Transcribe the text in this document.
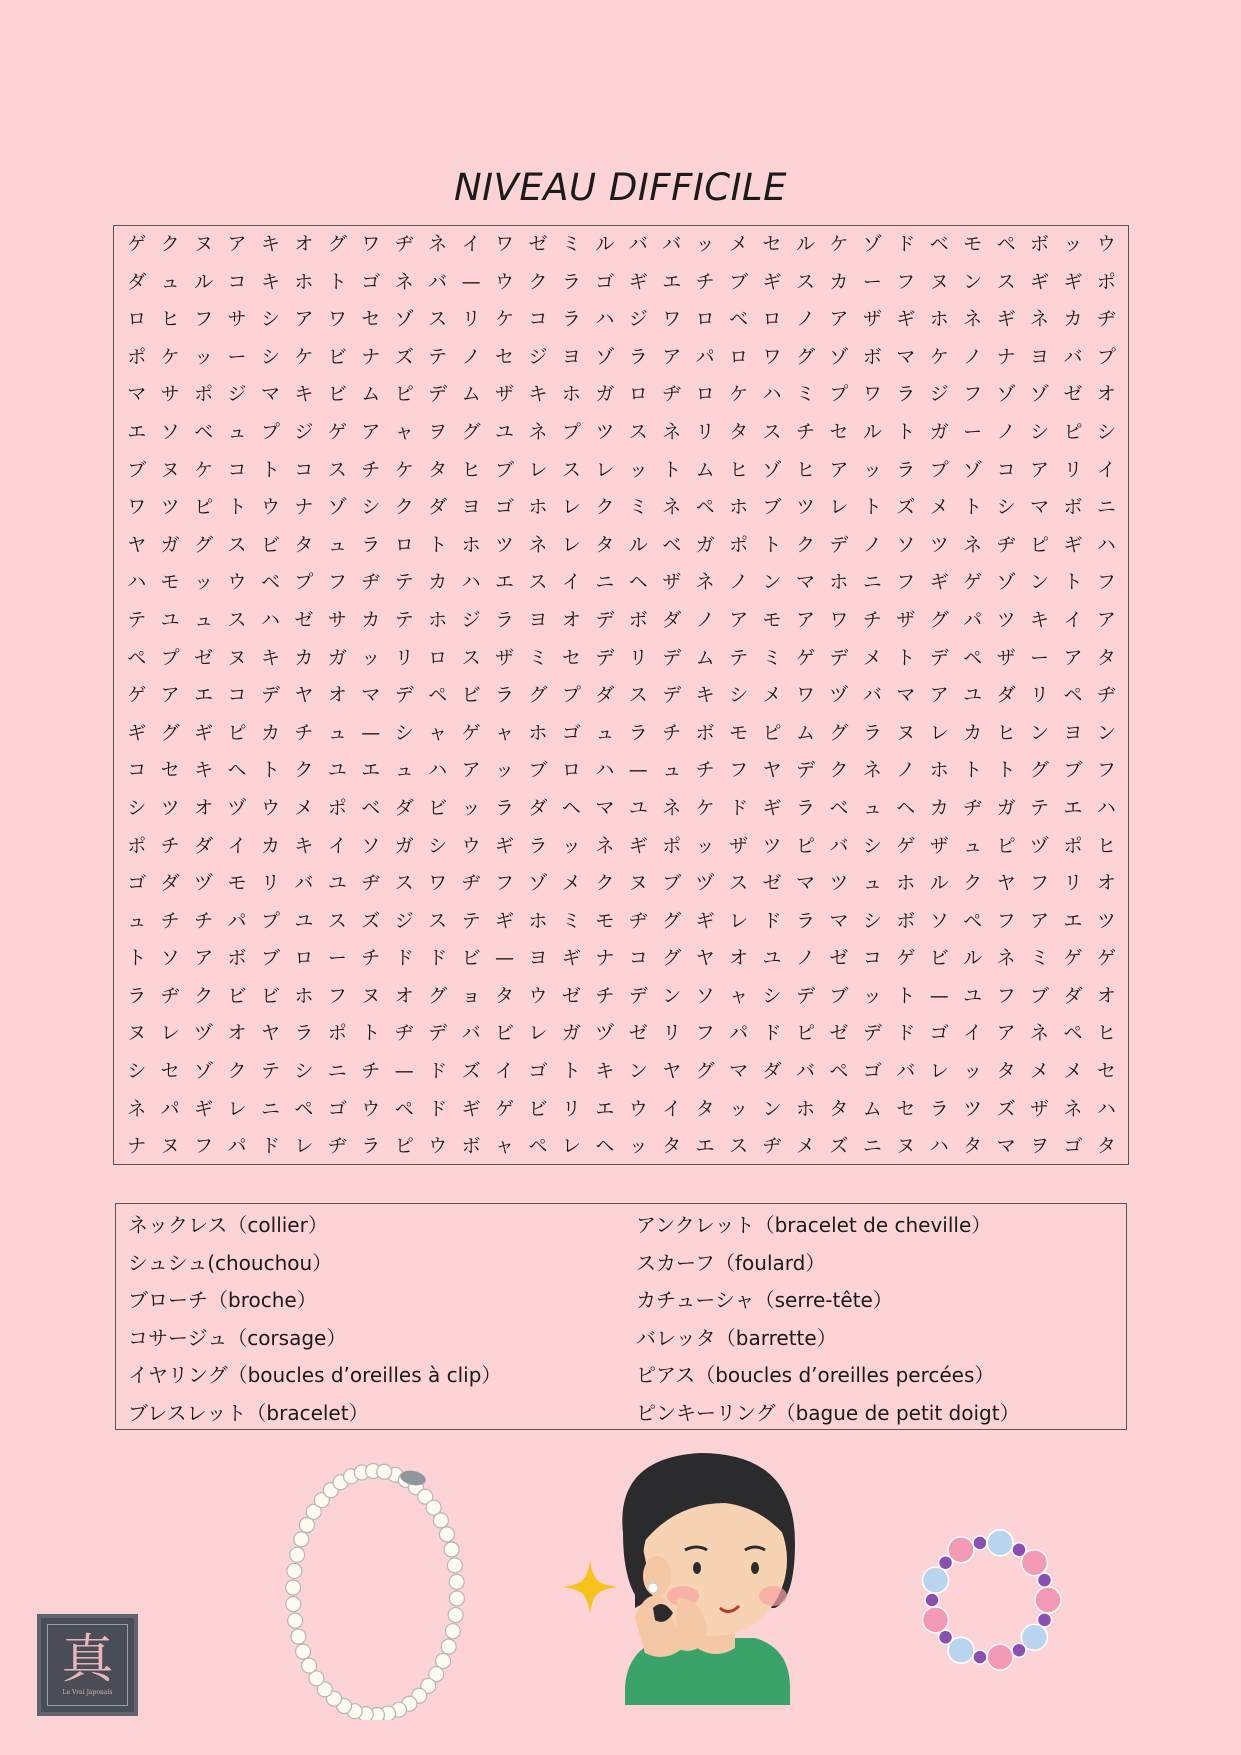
NIVEAU DIFFICILE
ゲ ク ヌ ア キ オ グ ワ ヂ ネ イ ワ ゼ ミ ル バ バ ッ メ セ ル ケ ゾ ド ベ モ ペ ボ ッ ウ
ダ ュ ル コ キ ホ ト ゴ ネ バ — ウ ク ラ ゴ ギ エ チ ブ ギ ス カ ー フ ヌ ン ス ギ ギ ポ
ロ ヒ フ サ シ ア ワ セ ゾ ス リ ケ コ ラ ハ ジ ワ ロ ベ ロ ノ ア ザ ギ ホ ネ ギ ネ カ ヂ
ポ ケ ッ ー シ ケ ビ ナ ズ テ ノ セ ジ ヨ ゾ ラ ア パ ロ ワ グ ゾ ボ マ ケ ノ ナ ヨ バ プ
マ サ ポ ジ マ キ ビ ム ピ デ ム ザ キ ホ ガ ロ ヂ ロ ケ ハ ミ プ ワ ラ ジ フ ゾ ゾ ゼ オ
エ ソ ベ ュ プ ジ ゲ ア ャ ヲ グ ユ ネ プ ツ ス ネ リ タ ス チ セ ル ト ガ ー ノ シ ピ シ
ブ ヌ ケ コ ト コ ス チ ケ タ ヒ ブ レ ス レ ッ ト ム ヒ ゾ ヒ ア ッ ラ プ ゾ コ ア リ イ
ワ ツ ピ ト ウ ナ ゾ シ ク ダ ヨ ゴ ホ レ ク ミ ネ ペ ホ ブ ツ レ ト ズ メ ト シ マ ボ ニ
ヤ ガ グ ス ビ タ ュ ラ ロ ト ホ ツ ネ レ タ ル ベ ガ ポ ト ク デ ノ ソ ツ ネ ヂ ピ ギ ハ
ハ モ ッ ウ ベ プ フ ヂ テ カ ハ エ ス イ ニ ヘ ザ ネ ノ ン マ ホ ニ フ ギ ゲ ゾ ン ト フ
テ ユ ュ ス ハ ゼ サ カ テ ホ ジ ラ ヨ オ デ ボ ダ ノ ア モ ア ワ チ ザ グ パ ツ キ イ ア
ペ プ ゼ ヌ キ カ ガ ッ リ ロ ス ザ ミ セ デ リ デ ム テ ミ ゲ デ メ ト デ ペ ザ ー ア タ
ゲ ア エ コ デ ヤ オ マ デ ペ ビ ラ グ プ ダ ス デ キ シ メ ワ ヅ バ マ ア ユ ダ リ ペ ヂ
ギ グ ギ ピ カ チ ュ — シ ャ ゲ ャ ホ ゴ ュ ラ チ ボ モ ピ ム グ ラ ヌ レ カ ヒ ン ヨ ン
コ セ キ ヘ ト ク ユ エ ュ ハ ア ッ ブ ロ ハ — ュ チ フ ヤ デ ク ネ ノ ホ ト ト グ ブ フ
シ ツ オ ヅ ウ メ ポ ベ ダ ビ ッ ラ ダ ヘ マ ユ ネ ケ ド ギ ラ ベ ュ ヘ カ ヂ ガ テ エ ハ
ポ チ ダ イ カ キ イ ソ ガ シ ウ ギ ラ ッ ネ ギ ポ ッ ザ ツ ピ バ シ ゲ ザ ュ ピ ヅ ポ ヒ
ゴ ダ ヅ モ リ バ ユ ヂ ス ワ ヂ フ ゾ メ ク ヌ ブ ヅ ス ゼ マ ツ ュ ホ ル ク ヤ フ リ オ
ュ チ チ パ プ ユ ス ズ ジ ス テ ギ ホ ミ モ ヂ グ ギ レ ド ラ マ シ ボ ソ ペ フ ア エ ツ
ト ソ ア ボ ブ ロ ー チ ド ド ビ — ヨ ギ ナ コ グ ヤ オ ユ ノ ゼ コ ゲ ビ ル ネ ミ ゲ ゲ
ラ ヂ ク ビ ビ ホ フ ヌ オ グ ョ タ ウ ゼ チ デ ン ソ ャ シ デ ブ ッ ト — ユ フ ブ ダ オ
ヌ レ ヅ オ ヤ ラ ポ ト ヂ デ バ ビ レ ガ ヅ ゼ リ フ パ ド ピ ゼ デ ド ゴ イ ア ネ ペ ヒ
シ セ ゾ ク テ シ ニ チ — ド ズ イ ゴ ト キ ン ヤ グ マ ダ バ ペ ゴ バ レ ッ タ メ メ セ
ネ パ ギ レ ニ ペ ゴ ウ ペ ド ギ ゲ ビ リ エ ウ イ タ ッ ン ホ タ ム セ ラ ツ ズ ザ ネ ハ
ナ ヌ フ パ ド レ ヂ ラ ピ ウ ボ ャ ペ レ ヘ ッ タ エ ス ヂ メ ズ ニ ヌ ハ タ マ ヲ ゴ タ
ネックレス（collier）	アンクレット（bracelet de cheville）
シュシュ(chouchou）	スカーフ（foulard）
ブローチ（broche）	カチューシャ（serre-tête）
コサージュ（corsage）	バレッタ（barrette）
イヤリング（boucles d’oreilles à clip）	ピアス（boucles d’oreilles percées）
ブレスレット（bracelet）	ピンキーリング（bague de petit doigt）
真
Le Vrai Japonais
